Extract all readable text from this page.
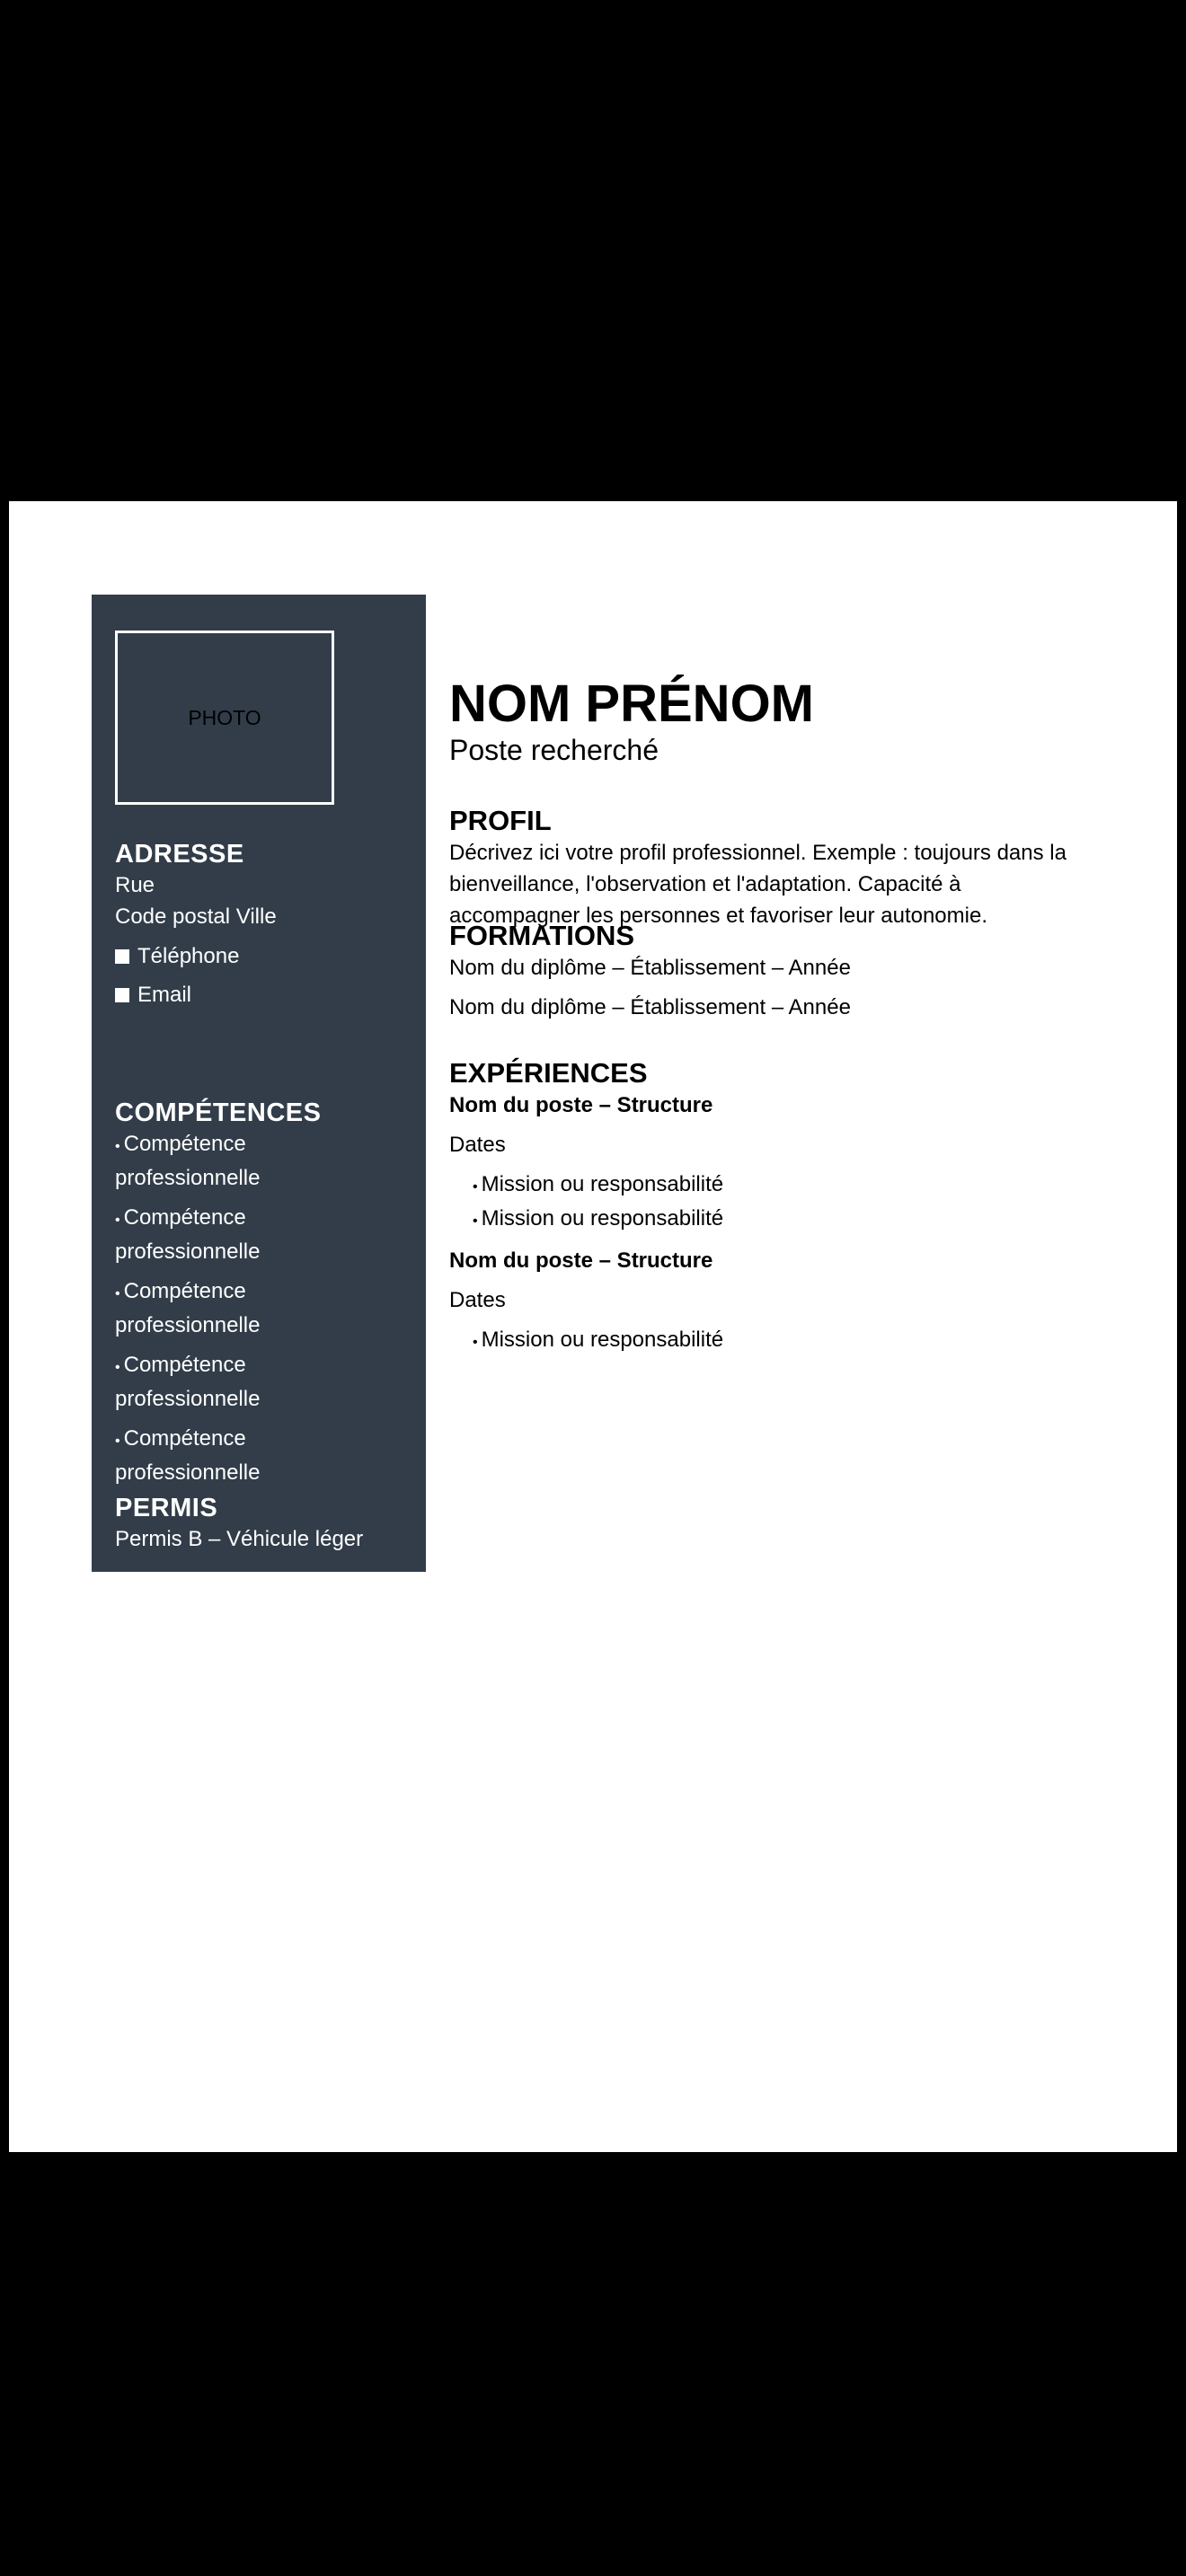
PHOTO
ADRESSE

Rue

Code postal Ville

Téléphone
Email
COMPÉTENCES

• Compétence professionnelle

• Compétence professionnelle

• Compétence professionnelle

• Compétence professionnelle

• Compétence professionnelle

PERMIS

Permis B – Véhicule léger

NOM PRÉNOM

Poste recherché

PROFIL

Décrivez ici votre profil professionnel. Exemple : toujours dans la bienveillance, l'observation et l'adaptation. Capacité à accompagner les personnes et favoriser leur autonomie.

FORMATIONS

Nom du diplôme – Établissement – Année

Nom du diplôme – Établissement – Année

EXPÉRIENCES

Nom du poste – Structure

Dates

• Mission ou responsabilité

• Mission ou responsabilité

Nom du poste – Structure

Dates

• Mission ou responsabilité
